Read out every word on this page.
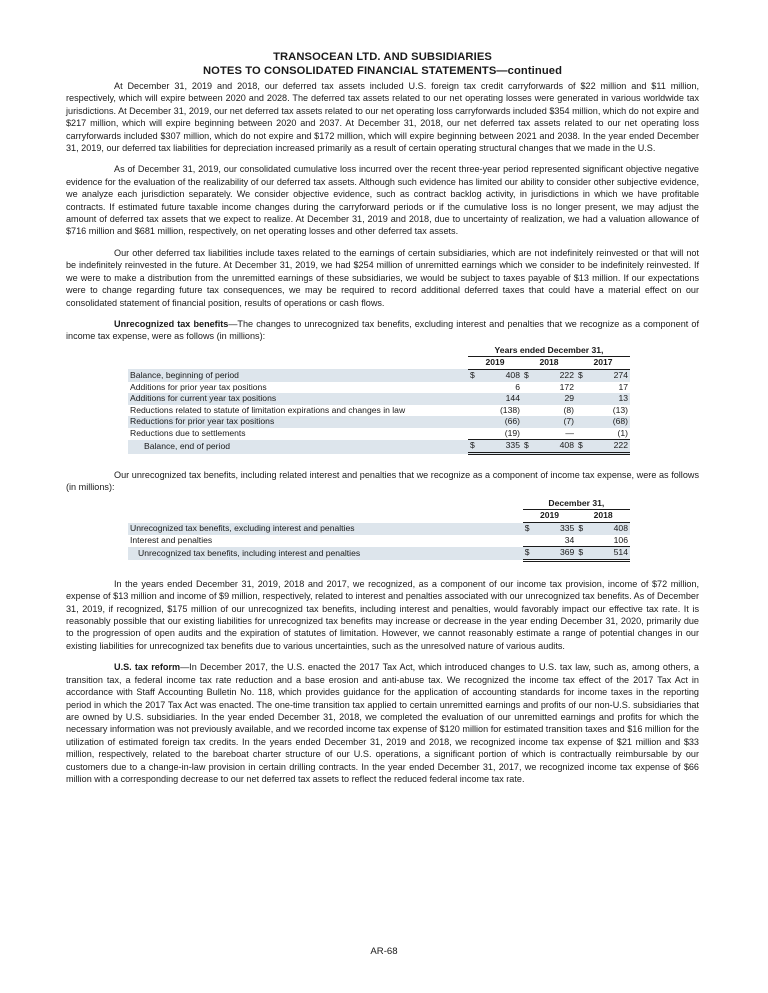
TRANSOCEAN LTD. AND SUBSIDIARIES
NOTES TO CONSOLIDATED FINANCIAL STATEMENTS—continued

At December 31, 2019 and 2018, our deferred tax assets included U.S. foreign tax credit carryforwards of $22 million and $11 million, respectively, which will expire between 2020 and 2028. The deferred tax assets related to our net operating losses were generated in various worldwide tax jurisdictions. At December 31, 2019, our net deferred tax assets related to our net operating loss carryforwards included $354 million, which do not expire and $217 million, which will expire beginning between 2020 and 2037. At December 31, 2018, our net deferred tax assets related to our net operating loss carryforwards included $307 million, which do not expire and $172 million, which will expire beginning between 2021 and 2038. In the year ended December 31, 2019, our deferred tax liabilities for depreciation increased primarily as a result of certain operating structural changes that we made in the U.S.

As of December 31, 2019, our consolidated cumulative loss incurred over the recent three-year period represented significant objective negative evidence for the evaluation of the realizability of our deferred tax assets. Although such evidence has limited our ability to consider other subjective evidence, we analyze each jurisdiction separately. We consider objective evidence, such as contract backlog activity, in jurisdictions in which we have profitable contracts. If estimated future taxable income changes during the carryforward periods or if the cumulative loss is no longer present, we may adjust the amount of deferred tax assets that we expect to realize. At December 31, 2019 and 2018, due to uncertainty of realization, we had a valuation allowance of $716 million and $681 million, respectively, on net operating losses and other deferred tax assets.

Our other deferred tax liabilities include taxes related to the earnings of certain subsidiaries, which are not indefinitely reinvested or that will not be indefinitely reinvested in the future. At December 31, 2019, we had $254 million of unremitted earnings which we consider to be indefinitely reinvested. If we were to make a distribution from the unremitted earnings of these subsidiaries, we would be subject to taxes payable of $13 million. If our expectations were to change regarding future tax consequences, we may be required to record additional deferred taxes that could have a material effect on our consolidated statement of financial position, results of operations or cash flows.

Unrecognized tax benefits—The changes to unrecognized tax benefits, excluding interest and penalties that we recognize as a component of income tax expense, were as follows (in millions):

	Years ended December 31,					
	2019		2018		2017	
Balance, beginning of period	$	408	$	222	$	274
Additions for prior year tax positions		6		172		17
Additions for current year tax positions		144		29		13
Reductions related to statute of limitation expirations and changes in law		(138)		(8)		(13)
Reductions for prior year tax positions		(66)		(7)		(68)
Reductions due to settlements		(19)		—		(1)
Balance, end of period	$	335	$	408	$	222

Our unrecognized tax benefits, including related interest and penalties that we recognize as a component of income tax expense, were as follows (in millions):

	December 31,			
	2019		2018	
Unrecognized tax benefits, excluding interest and penalties	$	335	$	408
Interest and penalties		34		106
Unrecognized tax benefits, including interest and penalties	$	369	$	514

In the years ended December 31, 2019, 2018 and 2017, we recognized, as a component of our income tax provision, income of $72 million, expense of $13 million and income of $9 million, respectively, related to interest and penalties associated with our unrecognized tax benefits. As of December 31, 2019, if recognized, $175 million of our unrecognized tax benefits, including interest and penalties, would favorably impact our effective tax rate. It is reasonably possible that our existing liabilities for unrecognized tax benefits may increase or decrease in the year ending December 31, 2020, primarily due to the progression of open audits and the expiration of statutes of limitation. However, we cannot reasonably estimate a range of potential changes in our existing liabilities for unrecognized tax benefits due to various uncertainties, such as the unresolved nature of various audits.

U.S. tax reform—In December 2017, the U.S. enacted the 2017 Tax Act, which introduced changes to U.S. tax law, such as, among others, a transition tax, a federal income tax rate reduction and a base erosion and anti-abuse tax. We recognized the income tax effect of the 2017 Tax Act in accordance with Staff Accounting Bulletin No. 118, which provides guidance for the application of accounting standards for income taxes in the reporting period in which the 2017 Tax Act was enacted. The one-time transition tax applied to certain unremitted earnings and profits of our non-U.S. subsidiaries that are owned by U.S. subsidiaries. In the year ended December 31, 2018, we completed the evaluation of our unremitted earnings and profits for which the necessary information was not previously available, and we recorded income tax expense of $120 million for estimated transition taxes and $16 million for the utilization of estimated foreign tax credits. In the years ended December 31, 2019 and 2018, we recognized income tax expense of $21 million and $33 million, respectively, related to the bareboat charter structure of our U.S. operations, a significant portion of which is contractually reimbursable by our customers due to a change-in-law provision in certain drilling contracts. In the year ended December 31, 2017, we recognized income tax expense of $66 million with a corresponding decrease to our net deferred tax assets to reflect the reduced federal income tax rate.

AR-68
